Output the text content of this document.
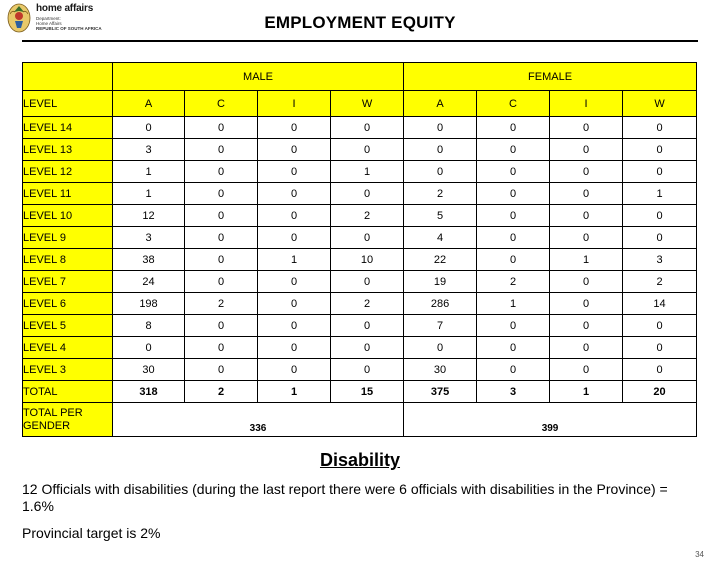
home affairs
Department:
Home Affairs
REPUBLIC OF SOUTH AFRICA	EMPLOYMENT EQUITY
	MALE				FEMALE			
LEVEL	A	C	I	W	A	C	I	W
LEVEL 14	0	0	0	0	0	0	0	0
LEVEL 13	3	0	0	0	0	0	0	0
LEVEL 12	1	0	0	1	0	0	0	0
LEVEL 11	1	0	0	0	2	0	0	1
LEVEL 10	12	0	0	2	5	0	0	0
LEVEL 9	3	0	0	0	4	0	0	0
LEVEL 8	38	0	1	10	22	0	1	3
LEVEL 7	24	0	0	0	19	2	0	2
LEVEL 6	198	2	0	2	286	1	0	14
LEVEL 5	8	0	0	0	7	0	0	0
LEVEL 4	0	0	0	0	0	0	0	0
LEVEL 3	30	0	0	0	30	0	0	0
TOTAL	318	2	1	15	375	3	1	20
TOTAL PER GENDER	336				399			
Disability
12 Officials with disabilities (during the last report there were 6 officials with disabilities in the Province) = 1.6%
Provincial target is 2%
34
